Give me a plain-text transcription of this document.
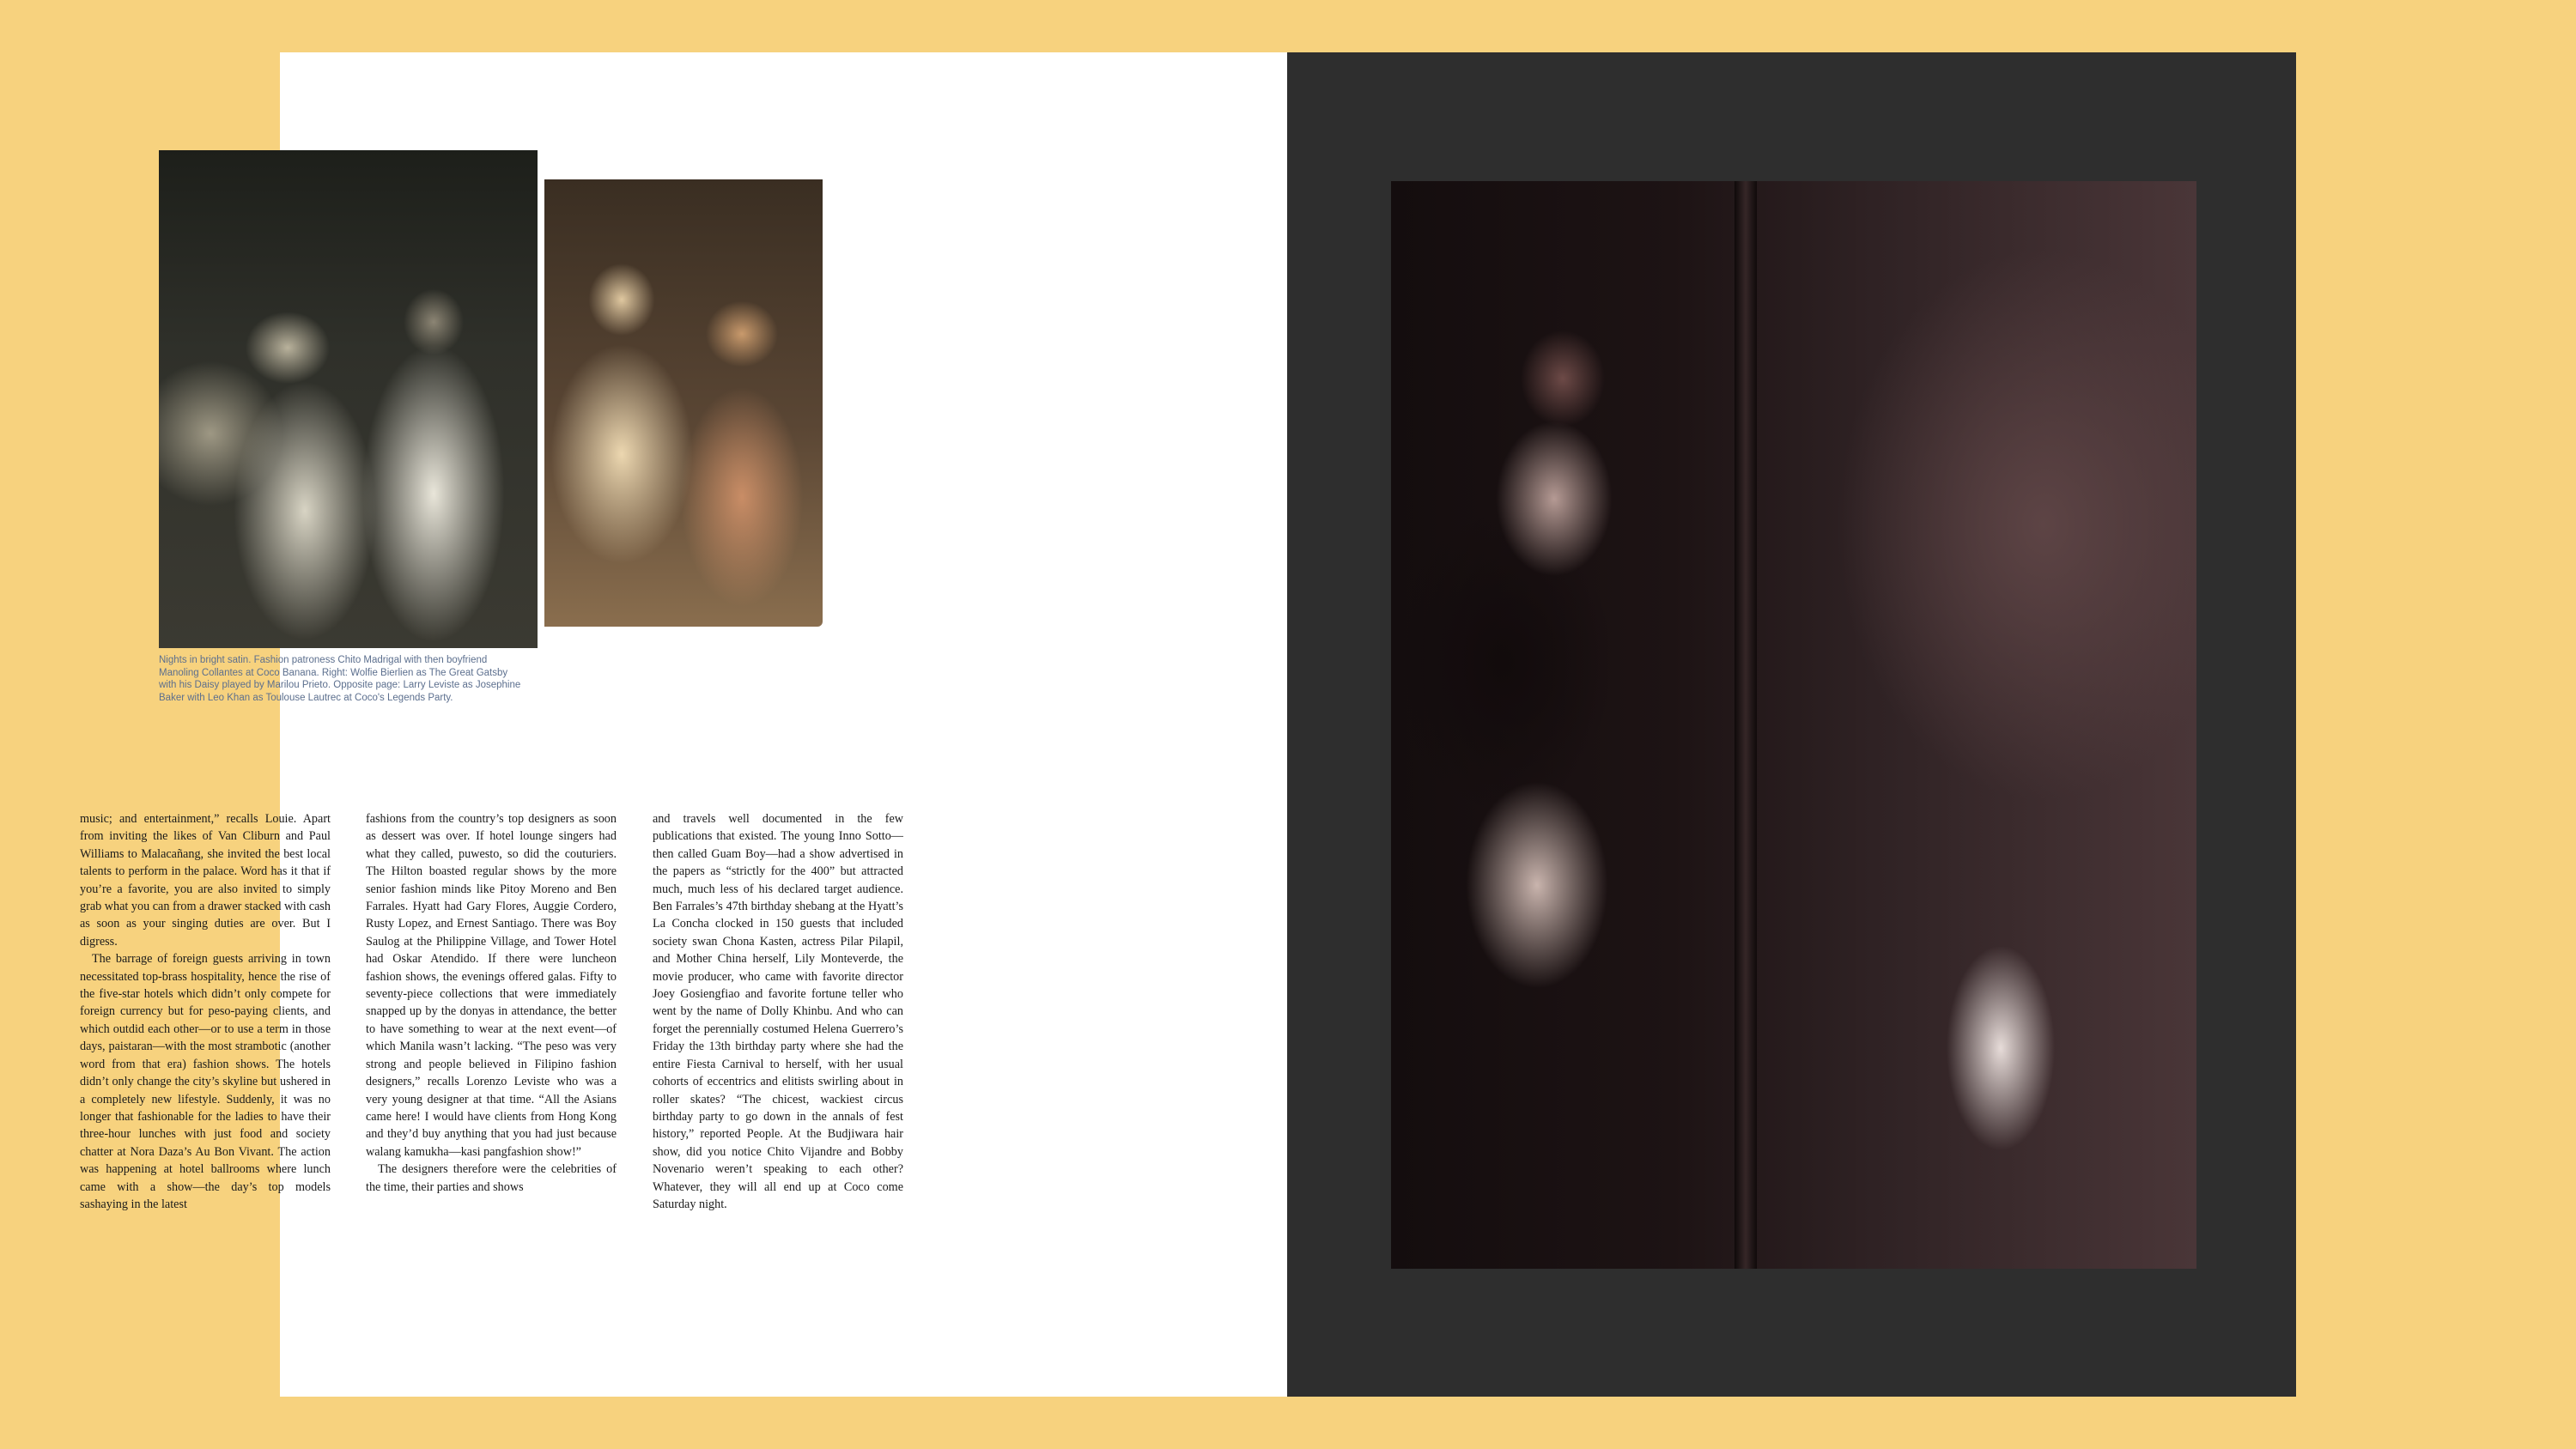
Nights in bright satin. Fashion patroness Chito Madrigal with then boyfriend
Manoling Collantes at Coco Banana. Right: Wolfie Bierlien as The Great Gatsby
with his Daisy played by Marilou Prieto. Opposite page: Larry Leviste as Josephine
Baker with Leo Khan as Toulouse Lautrec at Coco's Legends Party.

music; and entertainment,” recalls Louie. Apart from inviting the likes of Van Cliburn and Paul Williams to Malacañang, she invited the best local talents to perform in the palace. Word has it that if you’re a favorite, you are also invited to simply grab what you can from a drawer stacked with cash as soon as your singing duties are over. But I digress.

The barrage of foreign guests arriving in town necessitated top-brass hospitality, hence the rise of the five-star hotels which didn’t only compete for foreign currency but for peso-paying clients, and which outdid each other—or to use a term in those days, paistaran—with the most strambotic (another word from that era) fashion shows. The hotels didn’t only change the city’s skyline but ushered in a completely new lifestyle. Suddenly, it was no longer that fashionable for the ladies to have their three-hour lunches with just food and society chatter at Nora Daza’s Au Bon Vivant. The action was happening at hotel ballrooms where lunch came with a show—the day’s top models sashaying in the latest

fashions from the country’s top designers as soon as dessert was over. If hotel lounge singers had what they called, puwesto, so did the couturiers. The Hilton boasted regular shows by the more senior fashion minds like Pitoy Moreno and Ben Farrales. Hyatt had Gary Flores, Auggie Cordero, Rusty Lopez, and Ernest Santiago. There was Boy Saulog at the Philippine Village, and Tower Hotel had Oskar Atendido. If there were luncheon fashion shows, the evenings offered galas. Fifty to seventy-piece collections that were immediately snapped up by the donyas in attendance, the better to have something to wear at the next event—of which Manila wasn’t lacking. “The peso was very strong and people believed in Filipino fashion designers,” recalls Lorenzo Leviste who was a very young designer at that time. “All the Asians came here! I would have clients from Hong Kong and they’d buy anything that you had just because walang kamukha—kasi pangfashion show!”

The designers therefore were the celebrities of the time, their parties and shows

and travels well documented in the few publications that existed. The young Inno Sotto—then called Guam Boy—had a show advertised in the papers as “strictly for the 400” but attracted much, much less of his declared target audience. Ben Farrales’s 47th birthday shebang at the Hyatt’s La Concha clocked in 150 guests that included society swan Chona Kasten, actress Pilar Pilapil, and Mother China herself, Lily Monteverde, the movie producer, who came with favorite director Joey Gosiengfiao and favorite fortune teller who went by the name of Dolly Khinbu. And who can forget the perennially costumed Helena Guerrero’s Friday the 13th birthday party where she had the entire Fiesta Carnival to herself, with her usual cohorts of eccentrics and elitists swirling about in roller skates? “The chicest, wackiest circus birthday party to go down in the annals of fest history,” reported People. At the Budjiwara hair show, did you notice Chito Vijandre and Bobby Novenario weren’t speaking to each other? Whatever, they will all end up at Coco come Saturday night.
